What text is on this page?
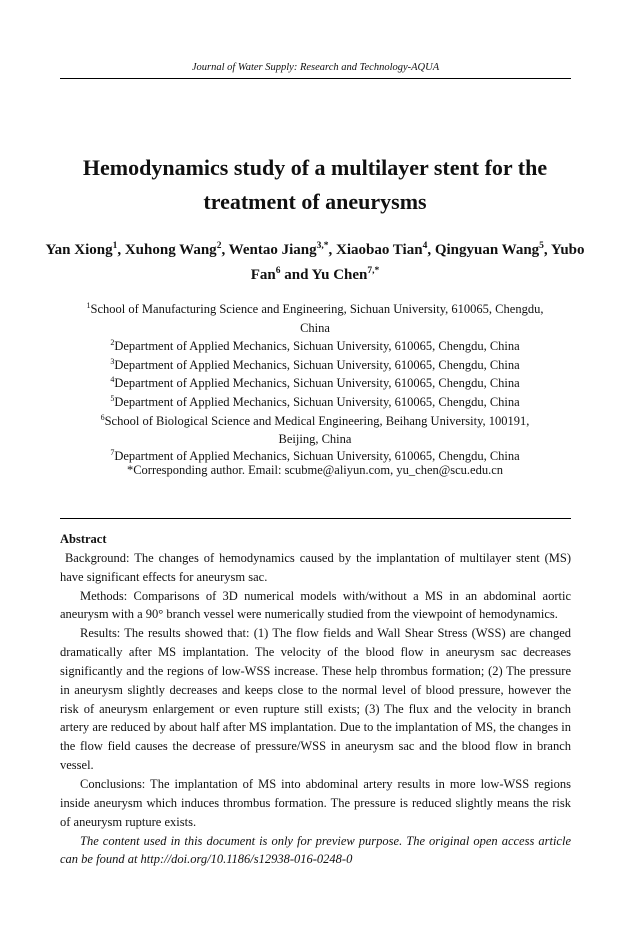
Journal of Water Supply: Research and Technology-AQUA
Hemodynamics study of a multilayer stent for the
treatment of aneurysms
Yan Xiong$^1$, Xuhong Wang$^2$, Wentao Jiang$^{3,*}$, Xiaobao Tian$^4$, Qingyuan Wang$^5$, Yubo Fan$^6$ and Yu Chen$^{7,*}$
$^1$School of Manufacturing Science and Engineering, Sichuan University, 610065, Chengdu,
China
$^2$Department of Applied Mechanics, Sichuan University, 610065, Chengdu, China
$^3$Department of Applied Mechanics, Sichuan University, 610065, Chengdu, China
$^4$Department of Applied Mechanics, Sichuan University, 610065, Chengdu, China
$^5$Department of Applied Mechanics, Sichuan University, 610065, Chengdu, China
$^6$School of Biological Science and Medical Engineering, Beihang University, 100191,
Beijing, China
$^7$Department of Applied Mechanics, Sichuan University, 610065, Chengdu, China
*Corresponding author. Email: scubme@aliyun.com, yu_chen@scu.edu.cn

Abstract

Background: The changes of hemodynamics caused by the implantation of multilayer stent (MS) have significant effects for aneurysm sac.

Methods: Comparisons of 3D numerical models with/without a MS in an abdominal aortic aneurysm with a 90° branch vessel were numerically studied from the viewpoint of hemodynamics.

Results: The results showed that: (1) The flow fields and Wall Shear Stress (WSS) are changed dramatically after MS implantation. The velocity of the blood flow in aneurysm sac decreases significantly and the regions of low-WSS increase. These help thrombus formation; (2) The pressure in aneurysm slightly decreases and keeps close to the normal level of blood pressure, however the risk of aneurysm enlargement or even rupture still exists; (3) The flux and the velocity in branch artery are reduced by about half after MS implantation. Due to the implantation of MS, the changes in the flow field causes the decrease of pressure/WSS in aneurysm sac and the blood flow in branch vessel.

Conclusions: The implantation of MS into abdominal artery results in more low-WSS regions inside aneurysm which induces thrombus formation. The pressure is reduced slightly means the risk of aneurysm rupture exists.

The content used in this document is only for preview purpose. The original open access article can be found at http://doi.org/10.1186/s12938-016-0248-0
